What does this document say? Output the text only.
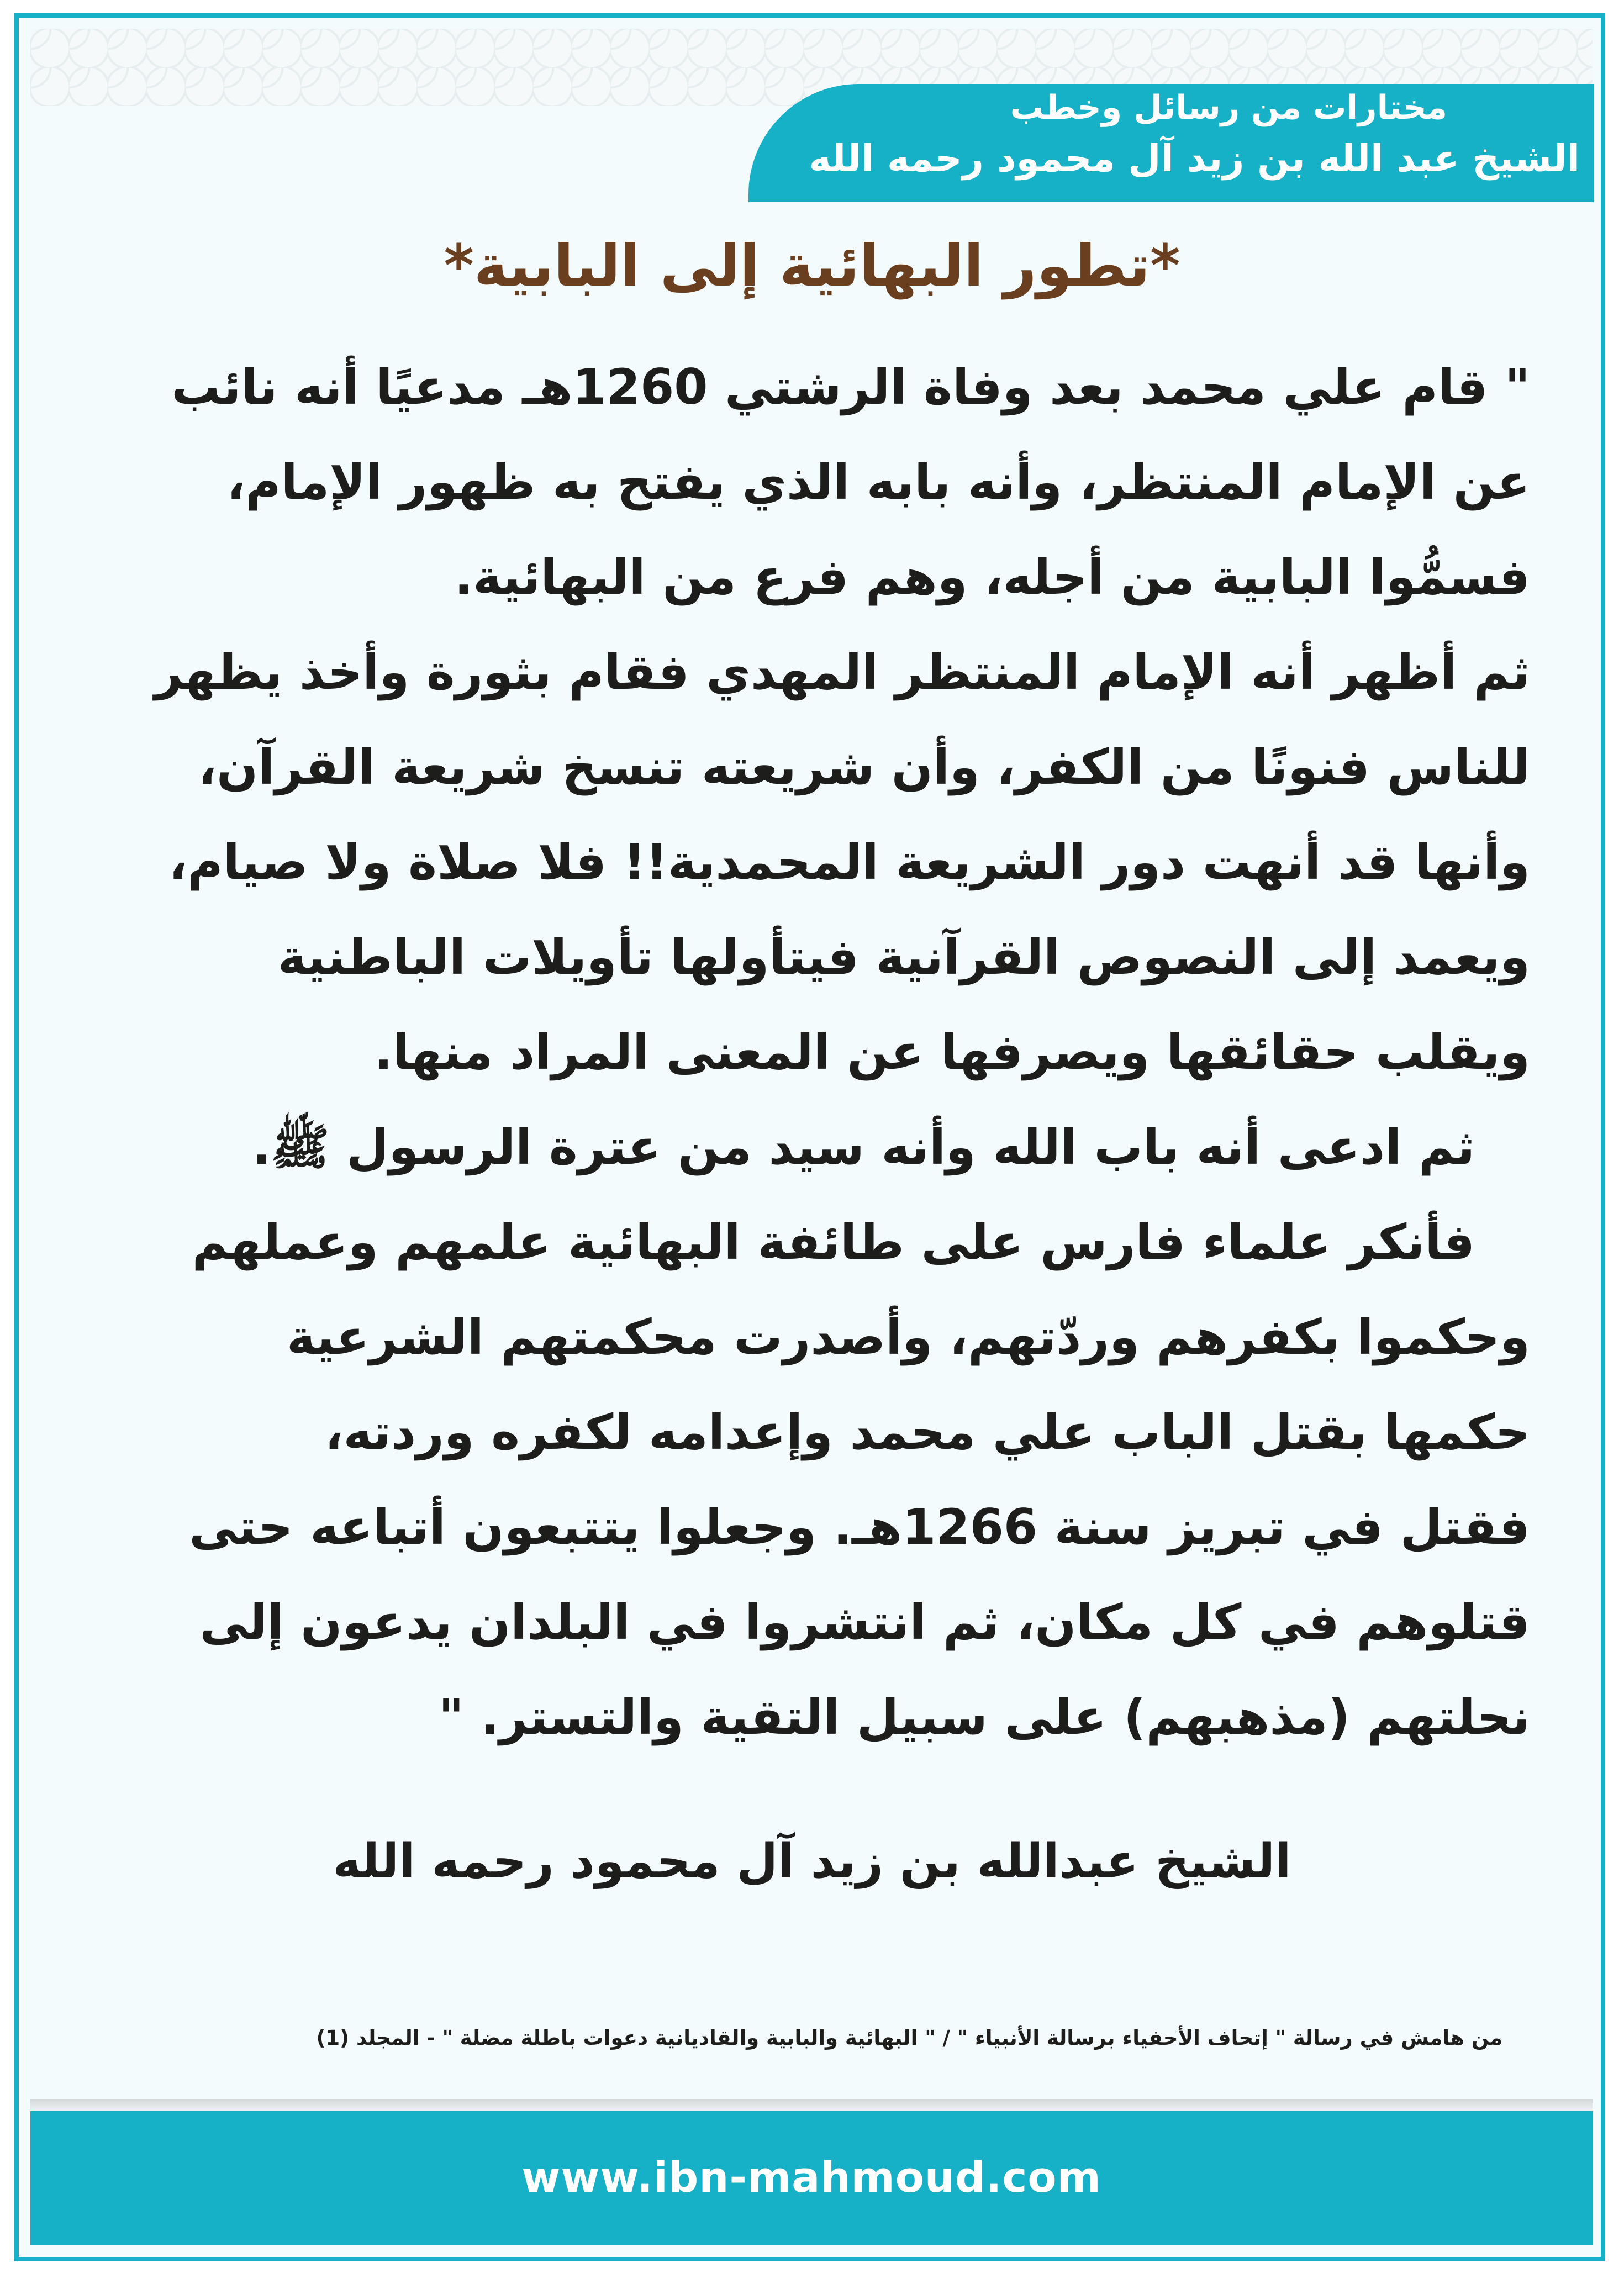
مختارات من رسائل وخطب
الشيخ عبد الله بن زيد آل محمود رحمه الله
*تطور البهائية إلى البابية*
" قام علي محمد بعد وفاة الرشتي 1260هـ مدعيًا أنه نائب
عن الإمام المنتظر، وأنه بابه الذي يفتح به ظهور الإمام،
فسمُّوا البابية من أجله، وهم فرع من البهائية.
ثم أظهر أنه الإمام المنتظر المهدي فقام بثورة وأخذ يظهر
للناس فنونًا من الكفر، وأن شريعته تنسخ شريعة القرآن،
وأنها قد أنهت دور الشريعة المحمدية!! فلا صلاة ولا صيام،
ويعمد إلى النصوص القرآنية فيتأولها تأويلات الباطنية
ويقلب حقائقها ويصرفها عن المعنى المراد منها.
ثم ادعى أنه باب الله وأنه سيد من عترة الرسول ﷺ.
فأنكر علماء فارس على طائفة البهائية علمهم وعملهم
وحكموا بكفرهم وردّتهم، وأصدرت محكمتهم الشرعية
حكمها بقتل الباب علي محمد وإعدامه لكفره وردته،
فقتل في تبريز سنة 1266هـ. وجعلوا يتتبعون أتباعه حتى
قتلوهم في كل مكان، ثم انتشروا في البلدان يدعون إلى
نحلتهم (مذهبهم) على سبيل التقية والتستر. "
الشيخ عبدالله بن زيد آل محمود رحمه الله
من هامش في رسالة " إتحاف الأحفياء برسالة الأنبياء " / " البهائية والبابية والقاديانية دعوات باطلة مضلة " - المجلد (1)
www.ibn-mahmoud.com
